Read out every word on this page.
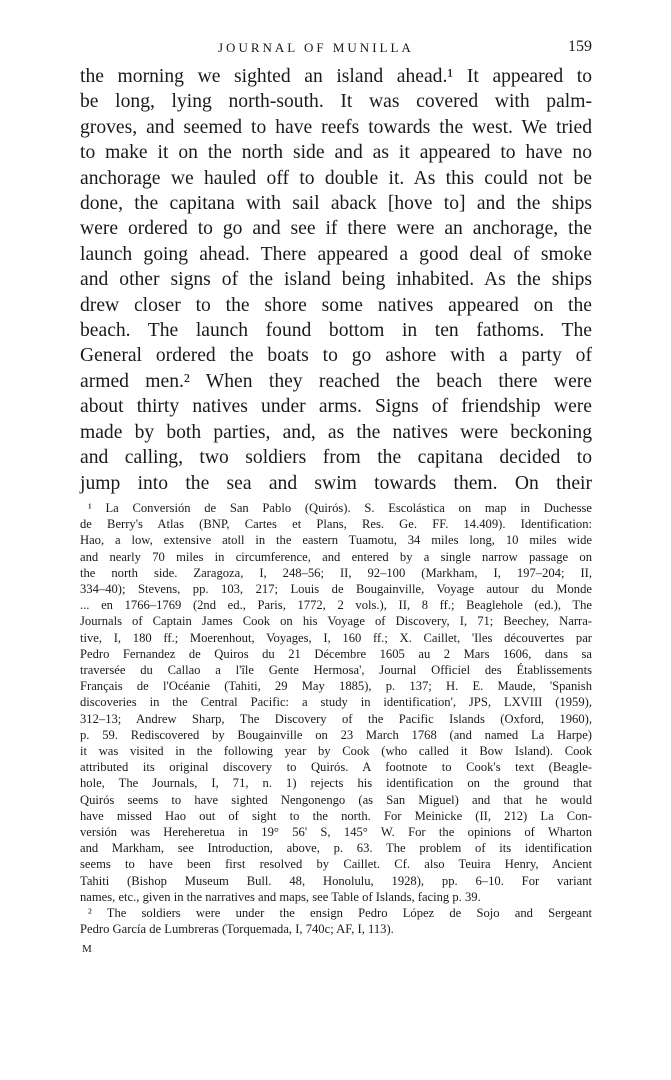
JOURNAL OF MUNILLA	159

the morning we sighted an island ahead.¹ It appeared to

be long, lying north-south. It was covered with palm-

groves, and seemed to have reefs towards the west. We tried

to make it on the north side and as it appeared to have no

anchorage we hauled off to double it. As this could not be

done, the capitana with sail aback [hove to] and the ships

were ordered to go and see if there were an anchorage, the

launch going ahead. There appeared a good deal of smoke

and other signs of the island being inhabited. As the ships

drew closer to the shore some natives appeared on the

beach. The launch found bottom in ten fathoms. The

General ordered the boats to go ashore with a party of

armed men.² When they reached the beach there were

about thirty natives under arms. Signs of friendship were

made by both parties, and, as the natives were beckoning

and calling, two soldiers from the capitana decided to

jump into the sea and swim towards them. On their

¹ La Conversión de San Pablo (Quirós). S. Escolástica on map in Duchesse

de Berry's Atlas (BNP, Cartes et Plans, Res. Ge. FF. 14.409). Identification:

Hao, a low, extensive atoll in the eastern Tuamotu, 34 miles long, 10 miles wide

and nearly 70 miles in circumference, and entered by a single narrow passage on

the north side. Zaragoza, I, 248–56; II, 92–100 (Markham, I, 197–204; II,

334–40); Stevens, pp. 103, 217; Louis de Bougainville, Voyage autour du Monde

... en 1766–1769 (2nd ed., Paris, 1772, 2 vols.), II, 8 ff.; Beaglehole (ed.), The

Journals of Captain James Cook on his Voyage of Discovery, I, 71; Beechey, Narra-

tive, I, 180 ff.; Moerenhout, Voyages, I, 160 ff.; X. Caillet, 'Iles découvertes par

Pedro Fernandez de Quiros du 21 Décembre 1605 au 2 Mars 1606, dans sa

traversée du Callao a l'île Gente Hermosa', Journal Officiel des Établissements

Français de l'Océanie (Tahiti, 29 May 1885), p. 137; H. E. Maude, 'Spanish

discoveries in the Central Pacific: a study in identification', JPS, LXVIII (1959),

312–13; Andrew Sharp, The Discovery of the Pacific Islands (Oxford, 1960),

p. 59. Rediscovered by Bougainville on 23 March 1768 (and named La Harpe)

it was visited in the following year by Cook (who called it Bow Island). Cook

attributed its original discovery to Quirós. A footnote to Cook's text (Beagle-

hole, The Journals, I, 71, n. 1) rejects his identification on the ground that

Quirós seems to have sighted Nengonengo (as San Miguel) and that he would

have missed Hao out of sight to the north. For Meinicke (II, 212) La Con-

versión was Hereheretua in 19° 56' S, 145° W. For the opinions of Wharton

and Markham, see Introduction, above, p. 63. The problem of its identification

seems to have been first resolved by Caillet. Cf. also Teuira Henry, Ancient

Tahiti (Bishop Museum Bull. 48, Honolulu, 1928), pp. 6–10. For variant

names, etc., given in the narratives and maps, see Table of Islands, facing p. 39.

² The soldiers were under the ensign Pedro López de Sojo and Sergeant

Pedro García de Lumbreras (Torquemada, I, 740c; AF, I, 113).

M
